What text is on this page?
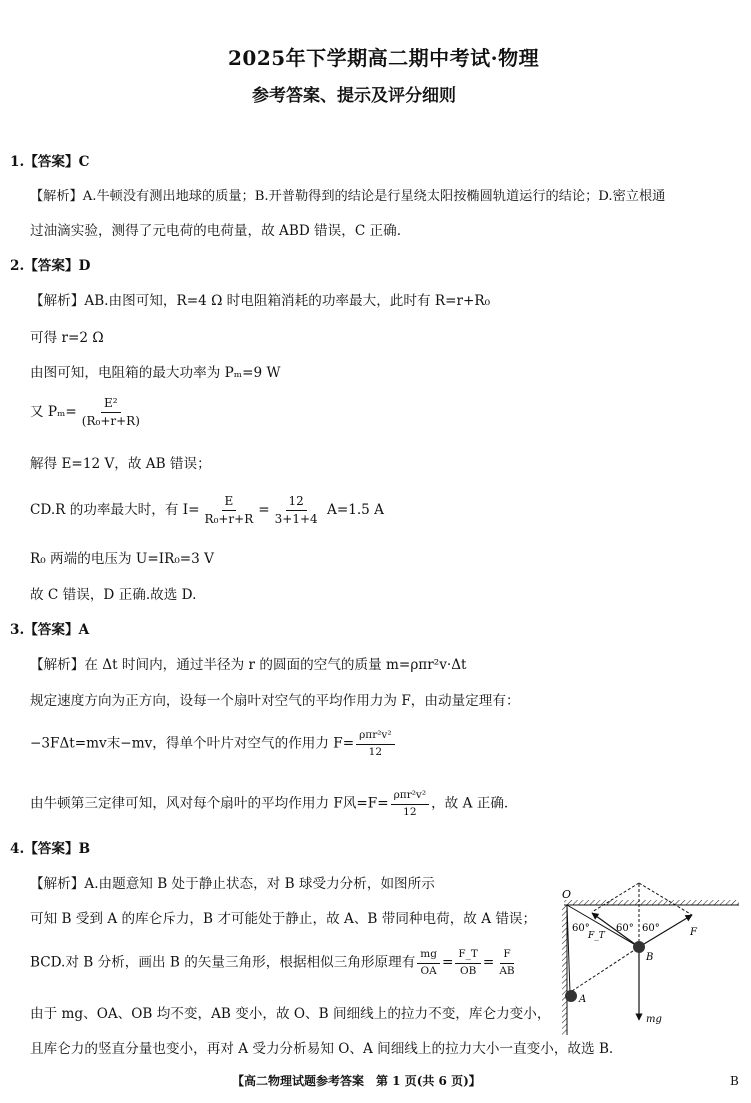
2025年下学期高二期中考试·物理
参考答案、提示及评分细则
1.【答案】C
【解析】A.牛顿没有测出地球的质量；B.开普勒得到的结论是行星绕太阳按椭圆轨道运行的结论；D.密立根通
过油滴实验，测得了元电荷的电荷量，故 ABD 错误，C 正确.
2.【答案】D
【解析】AB.由图可知，R=4 Ω 时电阻箱消耗的功率最大，此时有 R=r+R₀
可得 r=2 Ω
由图可知，电阻箱的最大功率为 Pₘ=9 W
又 $P_m= \frac{\text{E²}}{\text{(R₀+r+R)}}$
解得 E=12 V，故 AB 错误；
CD.R 的功率最大时，有 $I= \frac{E}{\text{R₀+r+R}} = \frac{12}{3+1+4} A=1.5$ A
R₀ 两端的电压为 U=IR₀=3 V
故 C 错误，D 正确.故选 D.
3.【答案】A
【解析】在 Δt 时间内，通过半径为 r 的圆面的空气的质量 m=ρπr²v·Δt
规定速度方向为正方向，设每一个扇叶对空气的平均作用力为 F，由动量定理有：
−3FΔt=mv末−mv，得单个叶片对空气的作用力 $F= \frac{\text{ρπr²v²}}{12}$
由牛顿第三定律可知，风对每个扇叶的平均作用力 F风$=F= \frac{\text{ρπr²v²}}{12}$ ，故 A 正确.
4.【答案】B
【解析】A.由题意知 B 处于静止状态，对 B 球受力分析，如图所示
可知 B 受到 A 的库仑斥力，B 才可能处于静止，故 A、B 带同种电荷，故 A 错误；
BCD.对 B 分析，画出 B 的矢量三角形，根据相似三角形原理有 $\frac{mg}{OA} = \frac{F\_T}{OB} = \frac{F}{AB}$
由于 mg、OA、OB 均不变，AB 变小，故 O、B 间细线上的拉力不变，库仑力变小，
且库仑力的竖直分量也变小，再对 A 受力分析易知 O、A 间细线上的拉力大小一直变小，故选 B.
O
A
B
F_T	F
mg
60°	60° 60°
【高二物理试题参考答案　第 1 页(共 6 页)】	B
